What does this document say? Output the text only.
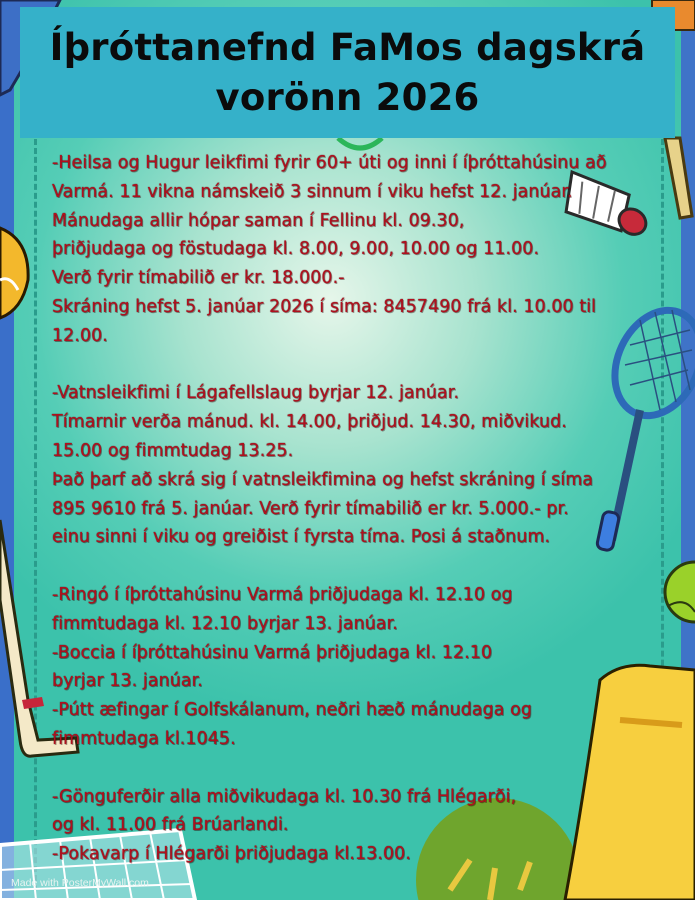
Íþróttanefnd FaMos dagskrá
vorönn 2026
-Heilsa og Hugur leikfimi fyrir 60+ úti og inni í íþróttahúsinu að
Varmá. 11 vikna námskeið 3 sinnum í viku hefst 12. janúar.
Mánudaga allir hópar saman í Fellinu kl. 09.30,
þriðjudaga og föstudaga kl. 8.00, 9.00, 10.00 og 11.00.
Verð fyrir tímabilið er kr. 18.000.-
Skráning hefst 5. janúar 2026 í síma: 8457490 frá kl. 10.00 til
12.00.
-Vatnsleikfimi í Lágafellslaug byrjar 12. janúar.
Tímarnir verða mánud. kl. 14.00, þriðjud. 14.30, miðvikud.
15.00 og fimmtudag 13.25.
Það þarf að skrá sig í vatnsleikfimina og hefst skráning í síma
895 9610 frá 5. janúar. Verð fyrir tímabilið er kr. 5.000.- pr.
einu sinni í viku og greiðist í fyrsta tíma. Posi á staðnum.
-Ringó í íþróttahúsinu Varmá þriðjudaga kl. 12.10 og
fimmtudaga kl. 12.10 byrjar 13. janúar.
-Boccia í íþróttahúsinu Varmá þriðjudaga kl. 12.10
byrjar 13. janúar.
-Pútt æfingar í Golfskálanum, neðri hæð mánudaga og
fimmtudaga kl.1045.
-Gönguferðir alla miðvikudaga kl. 10.30 frá Hlégarði,
og kl. 11.00 frá Brúarlandi.
-Pokavarp í Hlégarði þriðjudaga kl.13.00.
Made with PosterMyWall.com
